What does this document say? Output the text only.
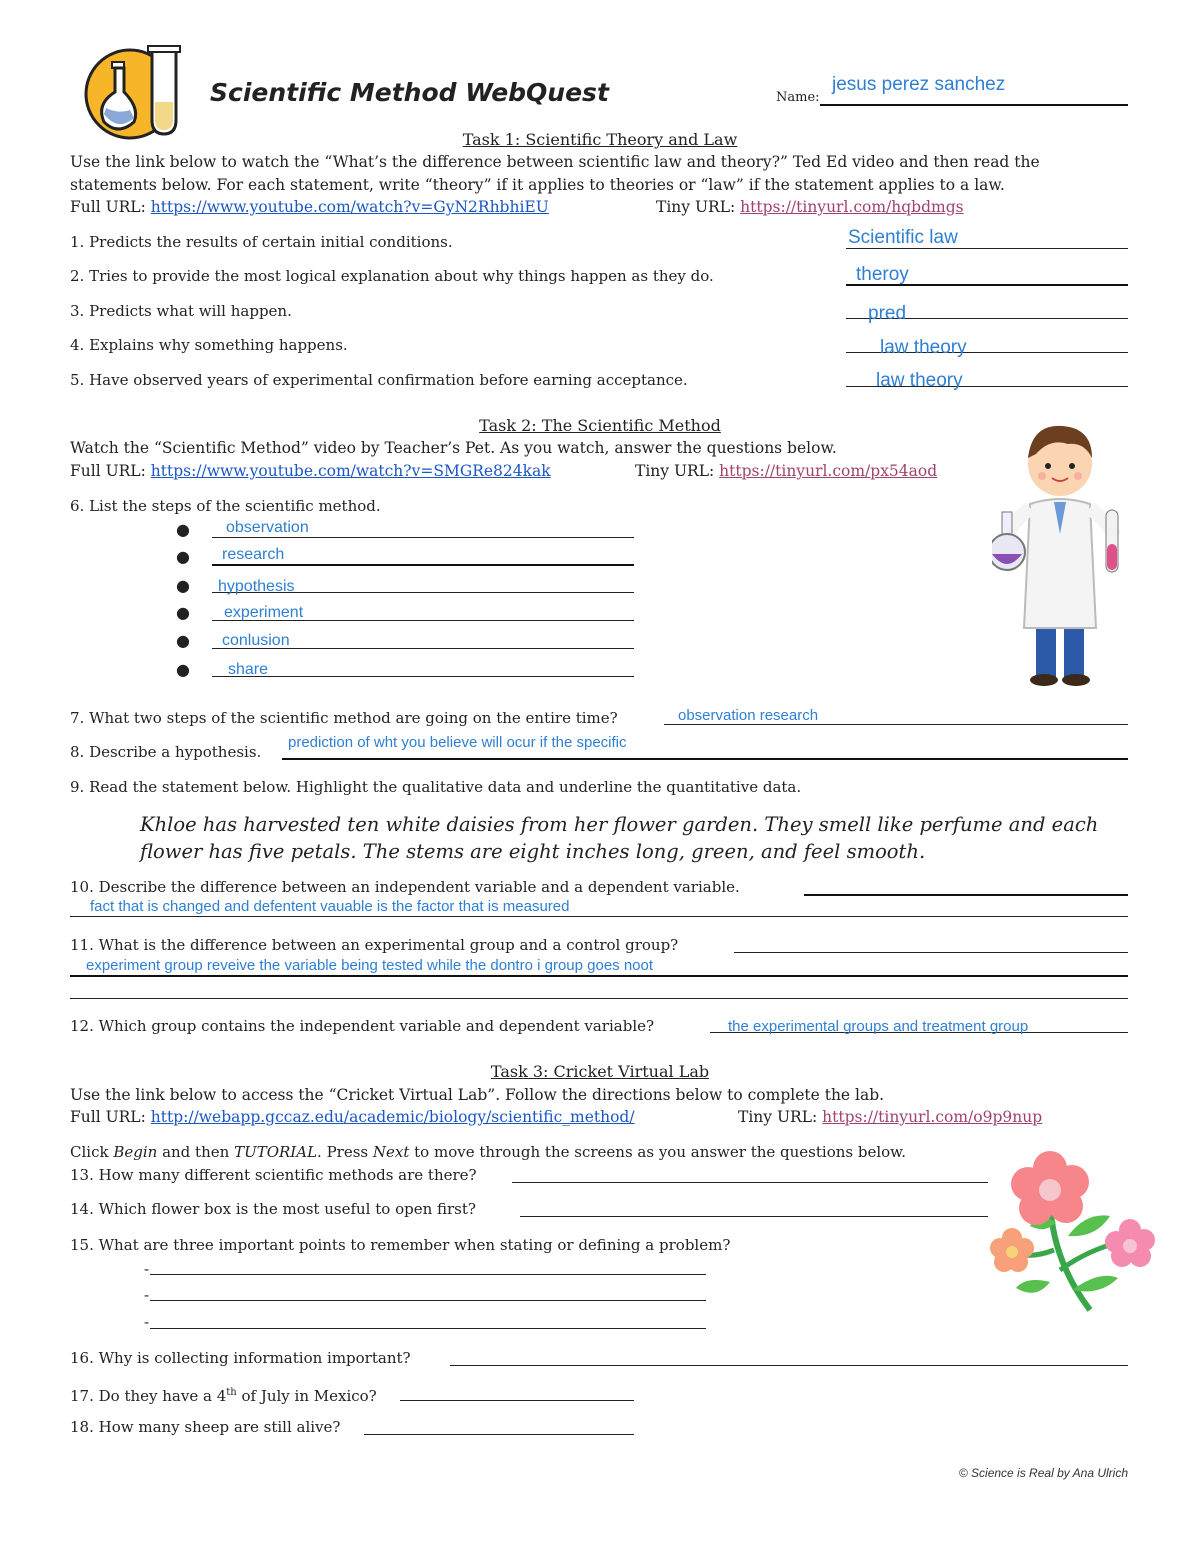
Scientific Method WebQuest	Name:
jesus perez sanchez
Task 1: Scientific Theory and Law
Use the link below to watch the “What’s the difference between scientific law and theory?” Ted Ed video and then read the
statements below. For each statement, write “theory” if it applies to theories or “law” if the statement applies to a law.
Full URL: https://www.youtube.com/watch?v=GyN2RhbhiEU	Tiny URL: https://tinyurl.com/hqbdmgs
1. Predicts the results of certain initial conditions.	Scientific law
2. Tries to provide the most logical explanation about why things happen as they do.	theroy
3. Predicts what will happen.	pred
4. Explains why something happens.	law theory
5. Have observed years of experimental confirmation before earning acceptance.	law theory
Task 2: The Scientific Method
Watch the “Scientific Method” video by Teacher’s Pet. As you watch, answer the questions below.
Full URL: https://www.youtube.com/watch?v=SMGRe824kak	Tiny URL: https://tinyurl.com/px54aod
6. List the steps of the scientific method.
● observation
● research
● hypothesis
● experiment
● conlusion
● share
7. What two steps of the scientific method are going on the entire time?	observation research
8. Describe a hypothesis.
prediction of wht you believe will ocur if the specific
9. Read the statement below. Highlight the qualitative data and underline the quantitative data.
Khloe has harvested ten white daisies from her flower garden. They smell like perfume and each
flower has five petals. The stems are eight inches long, green, and feel smooth.
10. Describe the difference between an independent variable and a dependent variable.
fact that is changed and defentent vauable is the factor that is measured
11. What is the difference between an experimental group and a control group?
experiment group reveive the variable being tested while the dontro i group goes noot
12. Which group contains the independent variable and dependent variable?	the experimental groups and treatment group
Task 3: Cricket Virtual Lab
Use the link below to access the “Cricket Virtual Lab”. Follow the directions below to complete the lab.
Full URL: http://webapp.gccaz.edu/academic/biology/scientific_method/	Tiny URL: https://tinyurl.com/o9p9nup
Click Begin and then TUTORIAL. Press Next to move through the screens as you answer the questions below.
13. How many different scientific methods are there?
14. Which flower box is the most useful to open first?
15. What are three important points to remember when stating or defining a problem?
-
-
-
16. Why is collecting information important?
17. Do they have a 4th of July in Mexico?
18. How many sheep are still alive?
© Science is Real by Ana Ulrich
